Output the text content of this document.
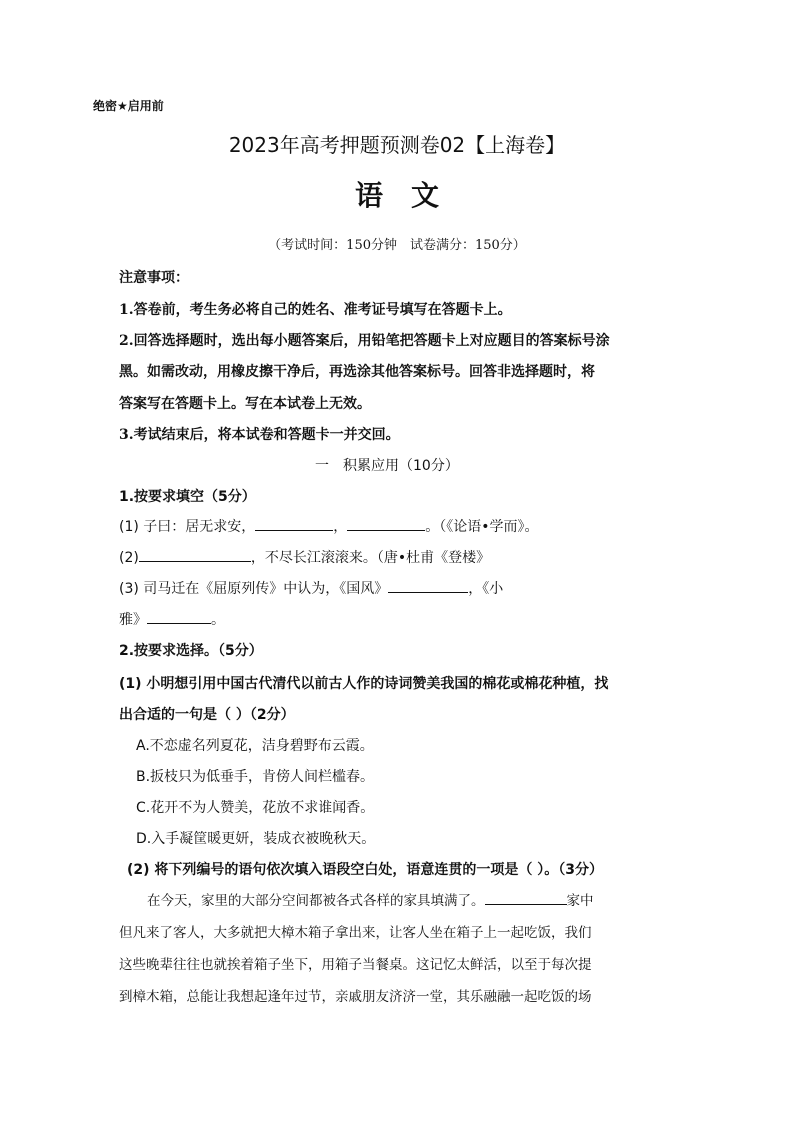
绝密★启用前
2023年高考押题预测卷02【上海卷】
语　文
（考试时间：150分钟　试卷满分：150分）
注意事项：
1.答卷前，考生务必将自己的姓名、准考证号填写在答题卡上。
2.回答选择题时，选出每小题答案后，用铅笔把答题卡上对应题目的答案标号涂
黑。如需改动，用橡皮擦干净后，再选涂其他答案标号。回答非选择题时，将
答案写在答题卡上。写在本试卷上无效。
3.考试结束后，将本试卷和答题卡一并交回。
一　积累应用（10分）
1.按要求填空（5分）
(1) 子曰：居无求安，	，	。（《论语•学而》。
(2)	，不尽长江滚滚来。（唐•杜甫《登楼》
(3) 司马迁在《屈原列传》中认为，《国风》	，《小
雅》	。
2.按要求选择。（5分）
(1) 小明想引用中国古代清代以前古人作的诗词赞美我国的棉花或棉花种植，找
出合适的一句是（ ）（2分）
A.不恋虚名列夏花，洁身碧野布云霞。
B.扳枝只为低垂手，肯傍人间栏槛春。
C.花开不为人赞美，花放不求谁闻香。
D.入手凝筐暖更妍，装成衣被晚秋天。
(2) 将下列编号的语句依次填入语段空白处，语意连贯的一项是（ ）。（3分）
在今天，家里的大部分空间都被各式各样的家具填满了。	家中
但凡来了客人，大多就把大樟木箱子拿出来，让客人坐在箱子上一起吃饭，我们
这些晚辈往往也就挨着箱子坐下，用箱子当餐桌。这记忆太鲜活，以至于每次提
到樟木箱，总能让我想起逢年过节，亲戚朋友济济一堂，其乐融融一起吃饭的场
